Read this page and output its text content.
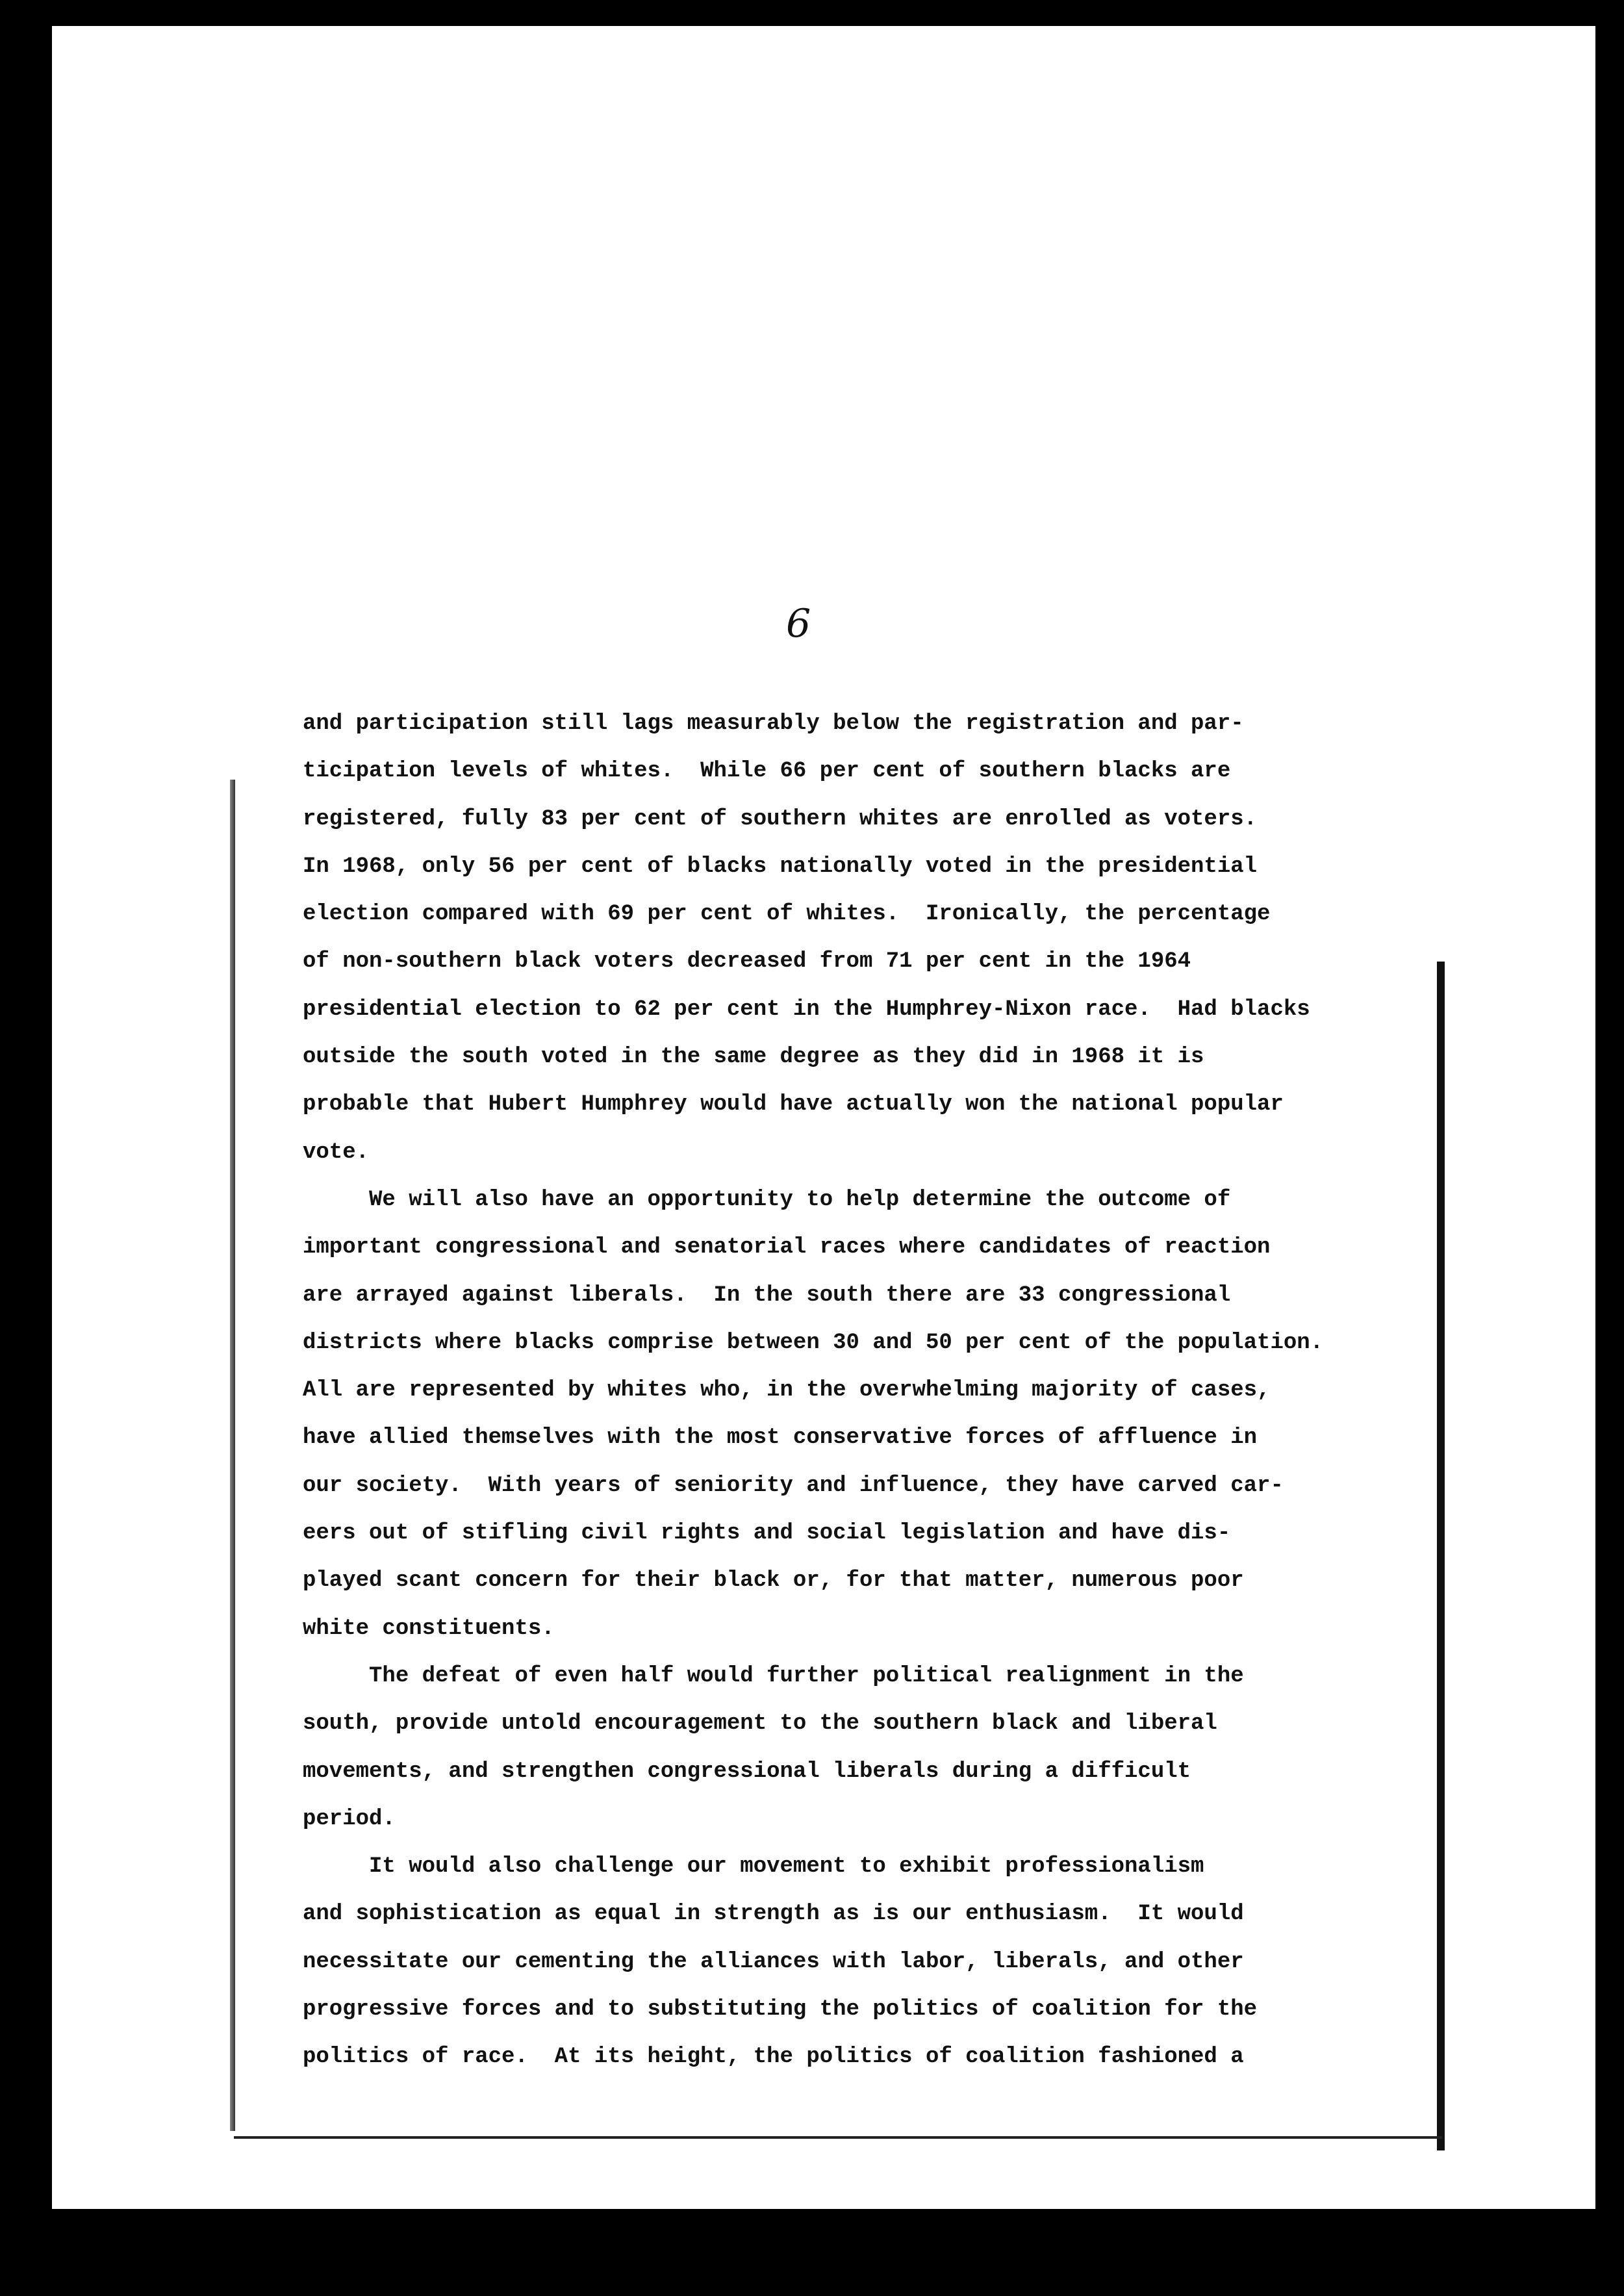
6
and participation still lags measurably below the registration and par-
ticipation levels of whites.  While 66 per cent of southern blacks are
registered, fully 83 per cent of southern whites are enrolled as voters.
In 1968, only 56 per cent of blacks nationally voted in the presidential
election compared with 69 per cent of whites.  Ironically, the percentage
of non-southern black voters decreased from 71 per cent in the 1964
presidential election to 62 per cent in the Humphrey-Nixon race.  Had blacks
outside the south voted in the same degree as they did in 1968 it is
probable that Hubert Humphrey would have actually won the national popular
vote.
We will also have an opportunity to help determine the outcome of
important congressional and senatorial races where candidates of reaction
are arrayed against liberals.  In the south there are 33 congressional
districts where blacks comprise between 30 and 50 per cent of the population.
All are represented by whites who, in the overwhelming majority of cases,
have allied themselves with the most conservative forces of affluence in
our society.  With years of seniority and influence, they have carved car-
eers out of stifling civil rights and social legislation and have dis-
played scant concern for their black or, for that matter, numerous poor
white constituents.
The defeat of even half would further political realignment in the
south, provide untold encouragement to the southern black and liberal
movements, and strengthen congressional liberals during a difficult
period.
It would also challenge our movement to exhibit professionalism
and sophistication as equal in strength as is our enthusiasm.  It would
necessitate our cementing the alliances with labor, liberals, and other
progressive forces and to substituting the politics of coalition for the
politics of race.  At its height, the politics of coalition fashioned a
